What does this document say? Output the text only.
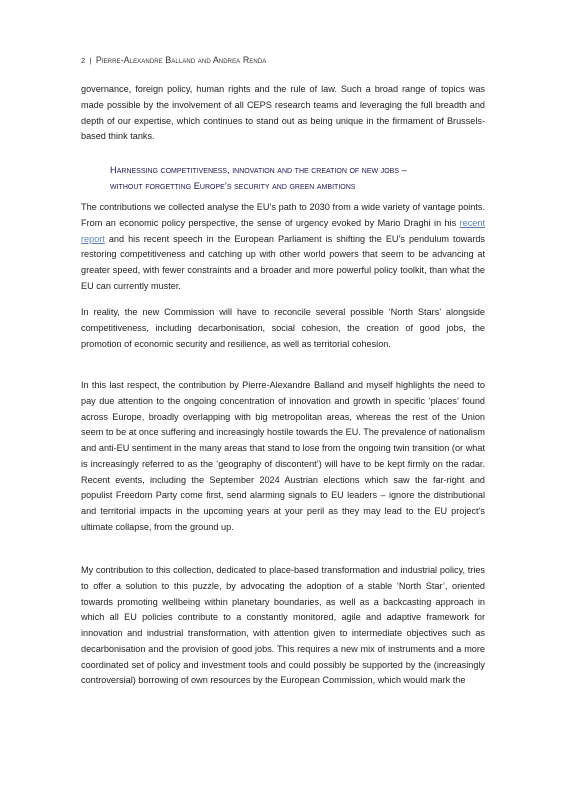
2 | Pierre-Alexandre Balland and Andrea Renda

governance, foreign policy, human rights and the rule of law. Such a broad range of topics was made possible by the involvement of all CEPS research teams and leveraging the full breadth and depth of our expertise, which continues to stand out as being unique in the firmament of Brussels-based think tanks.

Harnessing competitiveness, innovation and the creation of new jobs –
without forgetting Europe’s security and green ambitions

The contributions we collected analyse the EU’s path to 2030 from a wide variety of vantage points. From an economic policy perspective, the sense of urgency evoked by Mario Draghi in his recent report and his recent speech in the European Parliament is shifting the EU’s pendulum towards restoring competitiveness and catching up with other world powers that seem to be advancing at greater speed, with fewer constraints and a broader and more powerful policy toolkit, than what the EU can currently muster.

In reality, the new Commission will have to reconcile several possible ‘North Stars’ alongside competitiveness, including decarbonisation, social cohesion, the creation of good jobs, the promotion of economic security and resilience, as well as territorial cohesion.

In this last respect, the contribution by Pierre-Alexandre Balland and myself highlights the need to pay due attention to the ongoing concentration of innovation and growth in specific ‘places’ found across Europe, broadly overlapping with big metropolitan areas, whereas the rest of the Union seem to be at once suffering and increasingly hostile towards the EU. The prevalence of nationalism and anti-EU sentiment in the many areas that stand to lose from the ongoing twin transition (or what is increasingly referred to as the ‘geography of discontent’) will have to be kept firmly on the radar. Recent events, including the September 2024 Austrian elections which saw the far-right and populist Freedom Party come first, send alarming signals to EU leaders – ignore the distributional and territorial impacts in the upcoming years at your peril as they may lead to the EU project’s ultimate collapse, from the ground up.

My contribution to this collection, dedicated to place-based transformation and industrial policy, tries to offer a solution to this puzzle, by advocating the adoption of a stable ‘North Star’, oriented towards promoting wellbeing within planetary boundaries, as well as a backcasting approach in which all EU policies contribute to a constantly monitored, agile and adaptive framework for innovation and industrial transformation, with attention given to intermediate objectives such as decarbonisation and the provision of good jobs. This requires a new mix of instruments and a more coordinated set of policy and investment tools and could possibly be supported by the (increasingly controversial) borrowing of own resources by the European Commission, which would mark the
